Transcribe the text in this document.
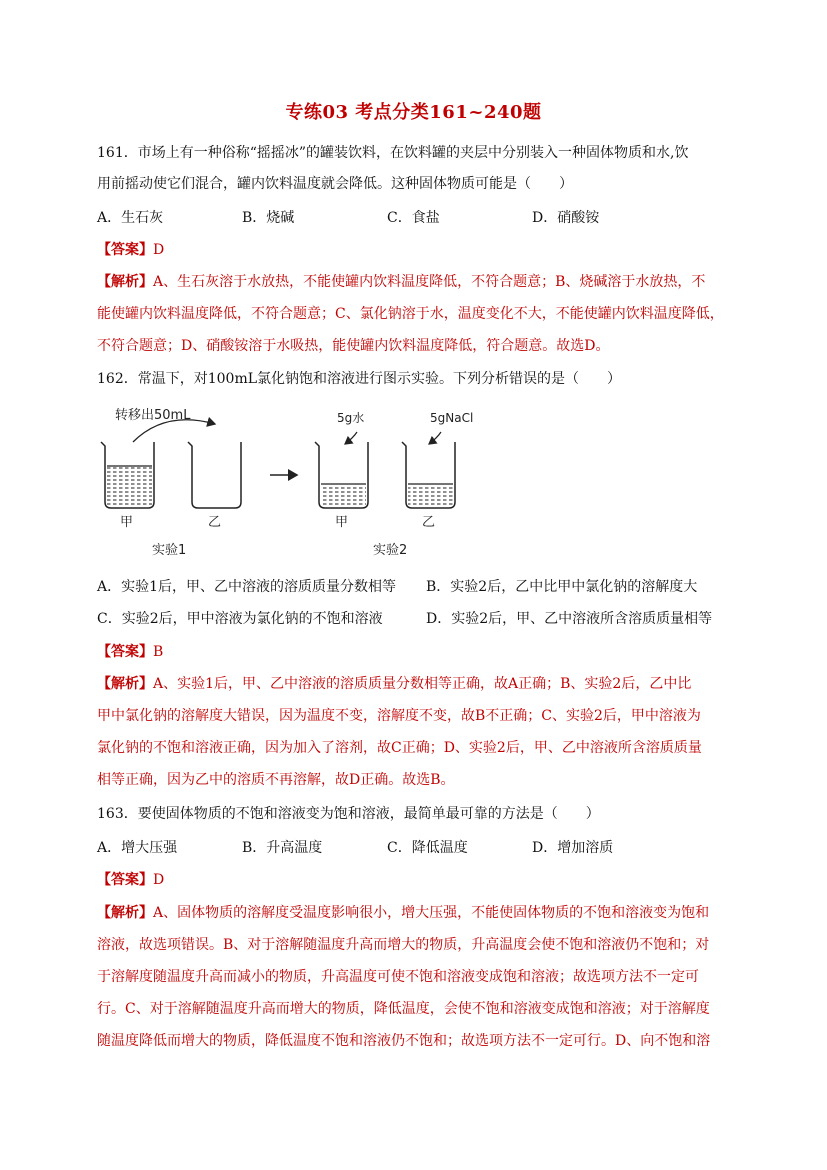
专练03 考点分类161~240题
161．市场上有一种俗称“摇摇冰”的罐装饮料，在饮料罐的夹层中分别装入一种固体物质和水,饮
用前摇动使它们混合，罐内饮料温度就会降低。这种固体物质可能是（　　）
A．生石灰	B．烧碱	C．食盐	D．硝酸铵
【答案】D
【解析】A、生石灰溶于水放热，不能使罐内饮料温度降低，不符合题意；B、烧碱溶于水放热，不
能使罐内饮料温度降低，不符合题意；C、氯化钠溶于水，温度变化不大，不能使罐内饮料温度降低，
不符合题意；D、硝酸铵溶于水吸热，能使罐内饮料温度降低，符合题意。故选D。
162．常温下，对100mL氯化钠饱和溶液进行图示实验。下列分析错误的是（　　）
转移出50mL	5g水	5gNaCl
甲	乙	甲	乙
实验1	实验2
A．实验1后，甲、乙中溶液的溶质质量分数相等 B．实验2后，乙中比甲中氯化钠的溶解度大
C．实验2后，甲中溶液为氯化钠的不饱和溶液	D．实验2后，甲、乙中溶液所含溶质质量相等
【答案】B
【解析】A、实验1后，甲、乙中溶液的溶质质量分数相等正确，故A正确；B、实验2后，乙中比
甲中氯化钠的溶解度大错误，因为温度不变，溶解度不变，故B不正确；C、实验2后，甲中溶液为
氯化钠的不饱和溶液正确，因为加入了溶剂，故C正确；D、实验2后，甲、乙中溶液所含溶质质量
相等正确，因为乙中的溶质不再溶解，故D正确。故选B。
163．要使固体物质的不饱和溶液变为饱和溶液，最简单最可靠的方法是（　　）
A．增大压强	B．升高温度	C．降低温度	D．增加溶质
【答案】D
【解析】A、固体物质的溶解度受温度影响很小，增大压强，不能使固体物质的不饱和溶液变为饱和
溶液，故选项错误。B、对于溶解随温度升高而增大的物质，升高温度会使不饱和溶液仍不饱和；对
于溶解度随温度升高而减小的物质，升高温度可使不饱和溶液变成饱和溶液；故选项方法不一定可
行。C、对于溶解随温度升高而增大的物质，降低温度，会使不饱和溶液变成饱和溶液；对于溶解度
随温度降低而增大的物质，降低温度不饱和溶液仍不饱和；故选项方法不一定可行。D、向不饱和溶
